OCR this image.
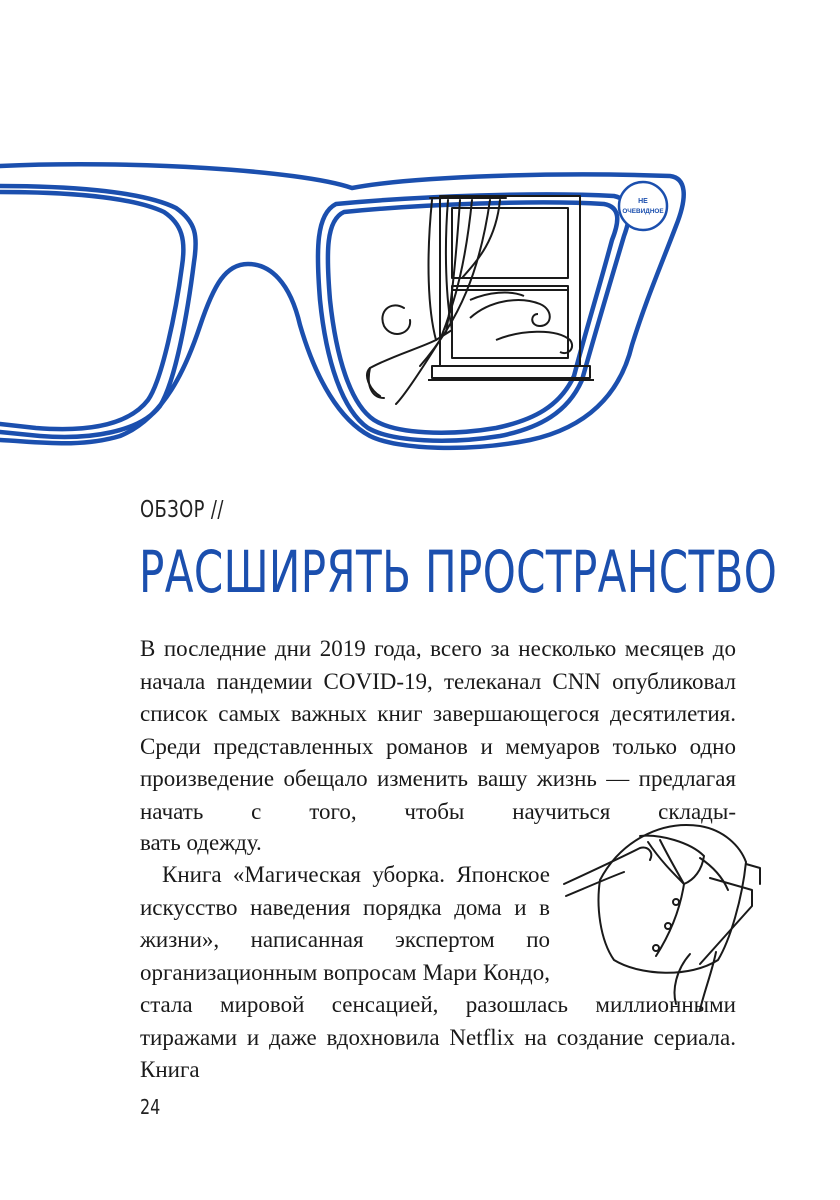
НЕ
ОЧЕВИДНОЕ
ОБЗОР //
РАСШИРЯТЬ ПРОСТРАНСТВО

В последние дни 2019 года, всего за несколько месяцев до начала пандемии COVID-19, телеканал CNN опубликовал список самых важных книг завершающегося десятилетия. Среди представленных романов и мемуаров только одно произведение обещало изменить вашу жизнь — предлагая начать с того, чтобы научиться склады-

вать одежду.

Книга «Магическая уборка. Японское искусство наведения порядка дома и в жизни», написанная экспертом по организационным вопросам Мари Кондо,

стала мировой сенсацией, разошлась миллионными тиражами и даже вдохновила Netflix на создание сериала. Книга

24
